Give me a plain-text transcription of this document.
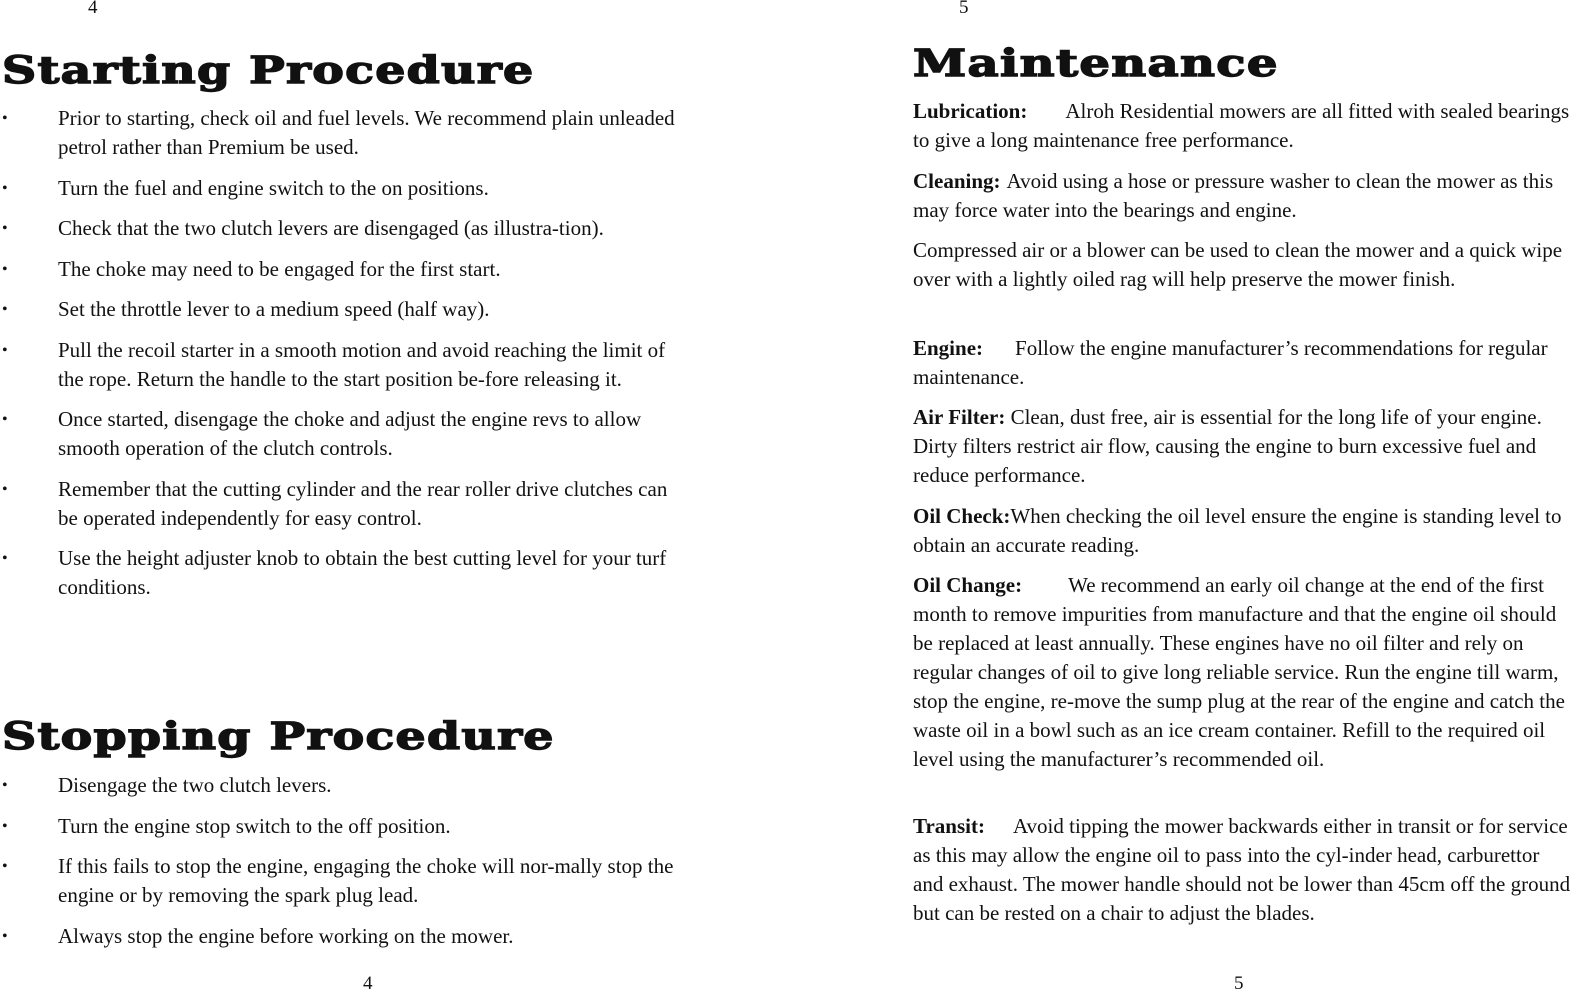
4
Starting Procedure
• Prior to starting, check oil and fuel levels. We recommend plain unleaded petrol rather than Premium be used.
• Turn the fuel and engine switch to the on positions.
• Check that the two clutch levers are disengaged (as illustra-tion).
• The choke may need to be engaged for the first start.
• Set the throttle lever to a medium speed (half way).
• Pull the recoil starter in a smooth motion and avoid reaching the limit of the rope. Return the handle to the start position be-fore releasing it.
• Once started, disengage the choke and adjust the engine revs to allow smooth operation of the clutch controls.
• Remember that the cutting cylinder and the rear roller drive clutches can be operated independently for easy control.
• Use the height adjuster knob to obtain the best cutting level for your turf conditions.
Stopping Procedure
• Disengage the two clutch levers.
• Turn the engine stop switch to the off position.
• If this fails to stop the engine, engaging the choke will nor-mally stop the engine or by removing the spark plug lead.
• Always stop the engine before working on the mower.
4
5
Maintenance

Lubrication: Alroh Residential mowers are all fitted with sealed bearings to give a long maintenance free performance.

Cleaning: Avoid using a hose or pressure washer to clean the mower as this may force water into the bearings and engine.

Compressed air or a blower can be used to clean the mower and a quick wipe over with a lightly oiled rag will help preserve the mower finish.

Engine: Follow the engine manufacturer’s recommendations for regular maintenance.

Air Filter: Clean, dust free, air is essential for the long life of your engine. Dirty filters restrict air flow, causing the engine to burn excessive fuel and reduce performance.

Oil Check:When checking the oil level ensure the engine is standing level to obtain an accurate reading.

Oil Change: We recommend an early oil change at the end of the first month to remove impurities from manufacture and that the engine oil should be replaced at least annually. These engines have no oil filter and rely on regular changes of oil to give long reliable service. Run the engine till warm, stop the engine, re-move the sump plug at the rear of the engine and catch the waste oil in a bowl such as an ice cream container. Refill to the required oil level using the manufacturer’s recommended oil.

Transit: Avoid tipping the mower backwards either in transit or for service as this may allow the engine oil to pass into the cyl-inder head, carburettor and exhaust. The mower handle should not be lower than 45cm off the ground but can be rested on a chair to adjust the blades.

5
